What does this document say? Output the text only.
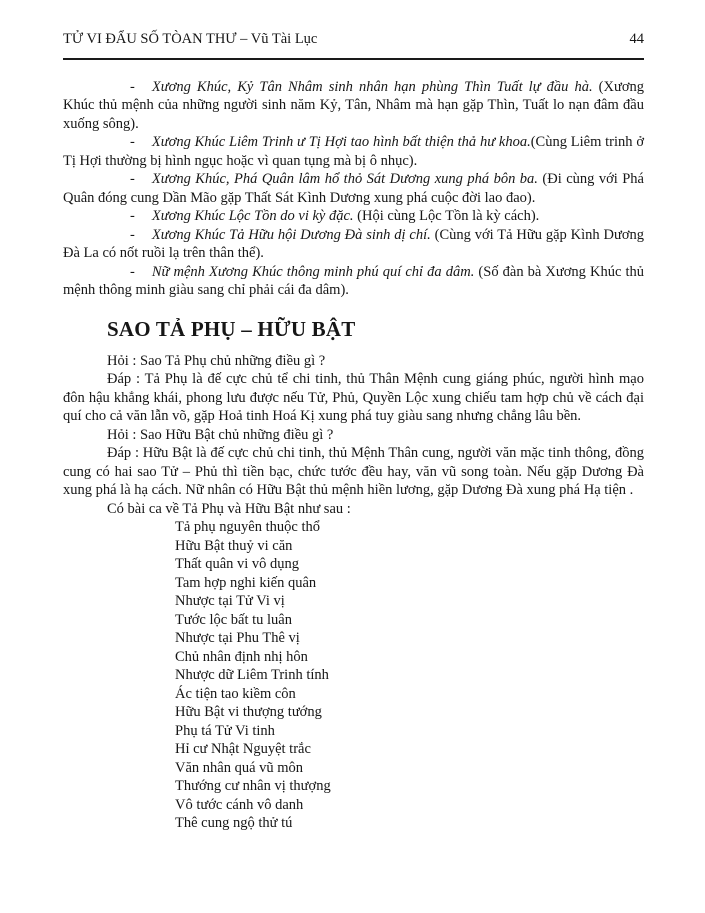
TỬ VI ĐẨU SỐ TÒAN THƯ – Vũ Tài Lục	44

- Xương Khúc, Kỷ Tân Nhâm sinh nhân hạn phùng Thìn Tuất lự đầu hà. (Xương Khúc thủ mệnh của những người sinh năm Kỷ, Tân, Nhâm mà hạn gặp Thìn, Tuất lo nạn đâm đầu xuống sông).

- Xương Khúc Liêm Trinh ư Tị Hợi tao hình bất thiện thả hư khoa.(Cùng Liêm trinh ở Tị Hợi thường bị hình ngục hoặc vì quan tụng mà bị ô nhục).

- Xương Khúc, Phá Quân lâm hổ thỏ Sát Dương xung phá bôn ba. (Đi cùng với Phá Quân đóng cung Dần Mão gặp Thất Sát Kình Dương xung phá cuộc đời lao đao).

- Xương Khúc Lộc Tồn do vi kỳ đặc. (Hội cùng Lộc Tồn là kỳ cách).

- Xương Khúc Tả Hữu hội Dương Đà sinh dị chí. (Cùng với Tả Hữu gặp Kình Dương Đà La có nốt ruồi lạ trên thân thể).

- Nữ mệnh Xương Khúc thông minh phú quí chỉ đa dâm. (Số đàn bà Xương Khúc thủ mệnh thông minh giàu sang chỉ phải cái đa dâm).

SAO TẢ PHỤ – HỮU BẬT

Hỏi : Sao Tả Phụ chủ những điều gì ?

Đáp : Tả Phụ là đế cực chủ tể chi tinh, thủ Thân Mệnh cung giáng phúc, người hình mạo đôn hậu khẳng khái, phong lưu được nếu Tử, Phủ, Quyền Lộc xung chiếu tam hợp chủ về cách đại quí cho cả văn lẫn võ, gặp Hoả tinh Hoá Kị xung phá tuy giàu sang nhưng chẳng lâu bền.

Hỏi : Sao Hữu Bật chủ những điều gì ?

Đáp : Hữu Bật là đế cực chủ chi tinh, thủ Mệnh Thân cung, người văn mặc tinh thông, đồng cung có hai sao Tử – Phủ thì tiền bạc, chức tước đều hay, văn vũ song toàn. Nếu gặp Dương Đà xung phá là hạ cách. Nữ nhân có Hữu Bật thủ mệnh hiền lương, gặp Dương Đà xung phá Hạ tiện .

Có bài ca về Tả Phụ và Hữu Bật như sau :

Tả phụ nguyên thuộc thổ
Hữu Bật thuỷ vi căn
Thất quân vi vô dụng
Tam hợp nghi kiến quân
Nhược tại Tử Vi vị
Tước lộc bất tu luân
Nhược tại Phu Thê vị
Chủ nhân định nhị hôn
Nhược dữ Liêm Trinh tính
Ác tiện tao kiềm côn
Hữu Bật vi thượng tướng
Phụ tá Tử Vi tinh
Hỉ cư Nhật Nguyệt trắc
Văn nhân quá vũ môn
Thướng cư nhân vị thượng
Vô tước cánh vô danh
Thê cung ngộ thử tú
